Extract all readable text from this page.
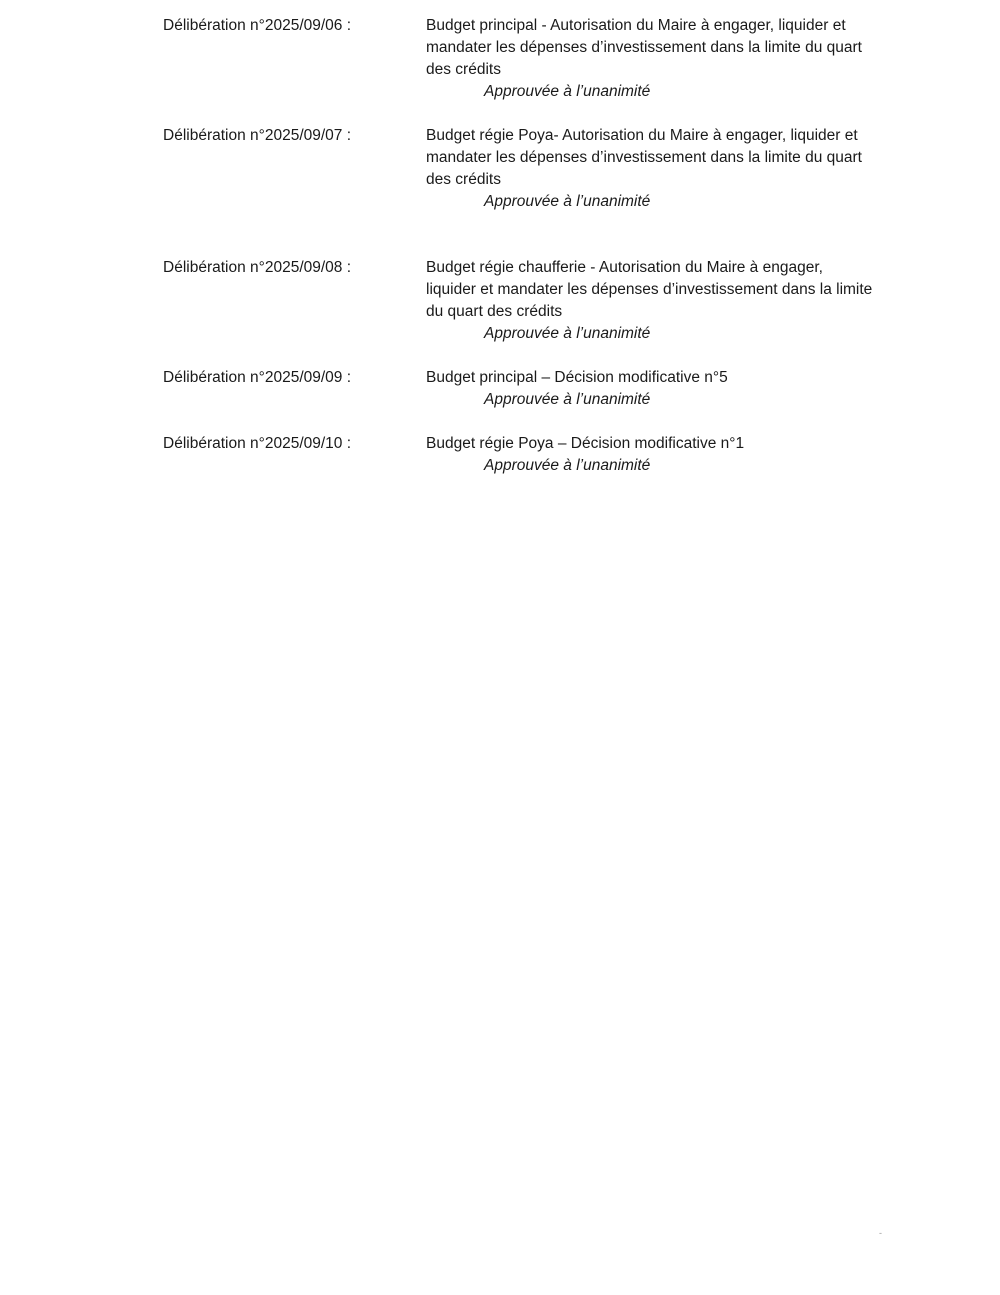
Délibération n°2025/09/06 :	Budget principal - Autorisation du Maire à engager, liquider et mandater les dépenses d’investissement dans la limite du quart des crédits
Approuvée à l’unanimité
Délibération n°2025/09/07 :	Budget régie Poya- Autorisation du Maire à engager, liquider et mandater les dépenses d’investissement dans la limite du quart des crédits
Approuvée à l’unanimité
Délibération n°2025/09/08 :	Budget régie chaufferie - Autorisation du Maire à engager, liquider et mandater les dépenses d’investissement dans la limite du quart des crédits
Approuvée à l’unanimité
Délibération n°2025/09/09 :	Budget principal – Décision modificative n°5
Approuvée à l’unanimité
Délibération n°2025/09/10 :	Budget régie Poya – Décision modificative n°1
Approuvée à l’unanimité
-
